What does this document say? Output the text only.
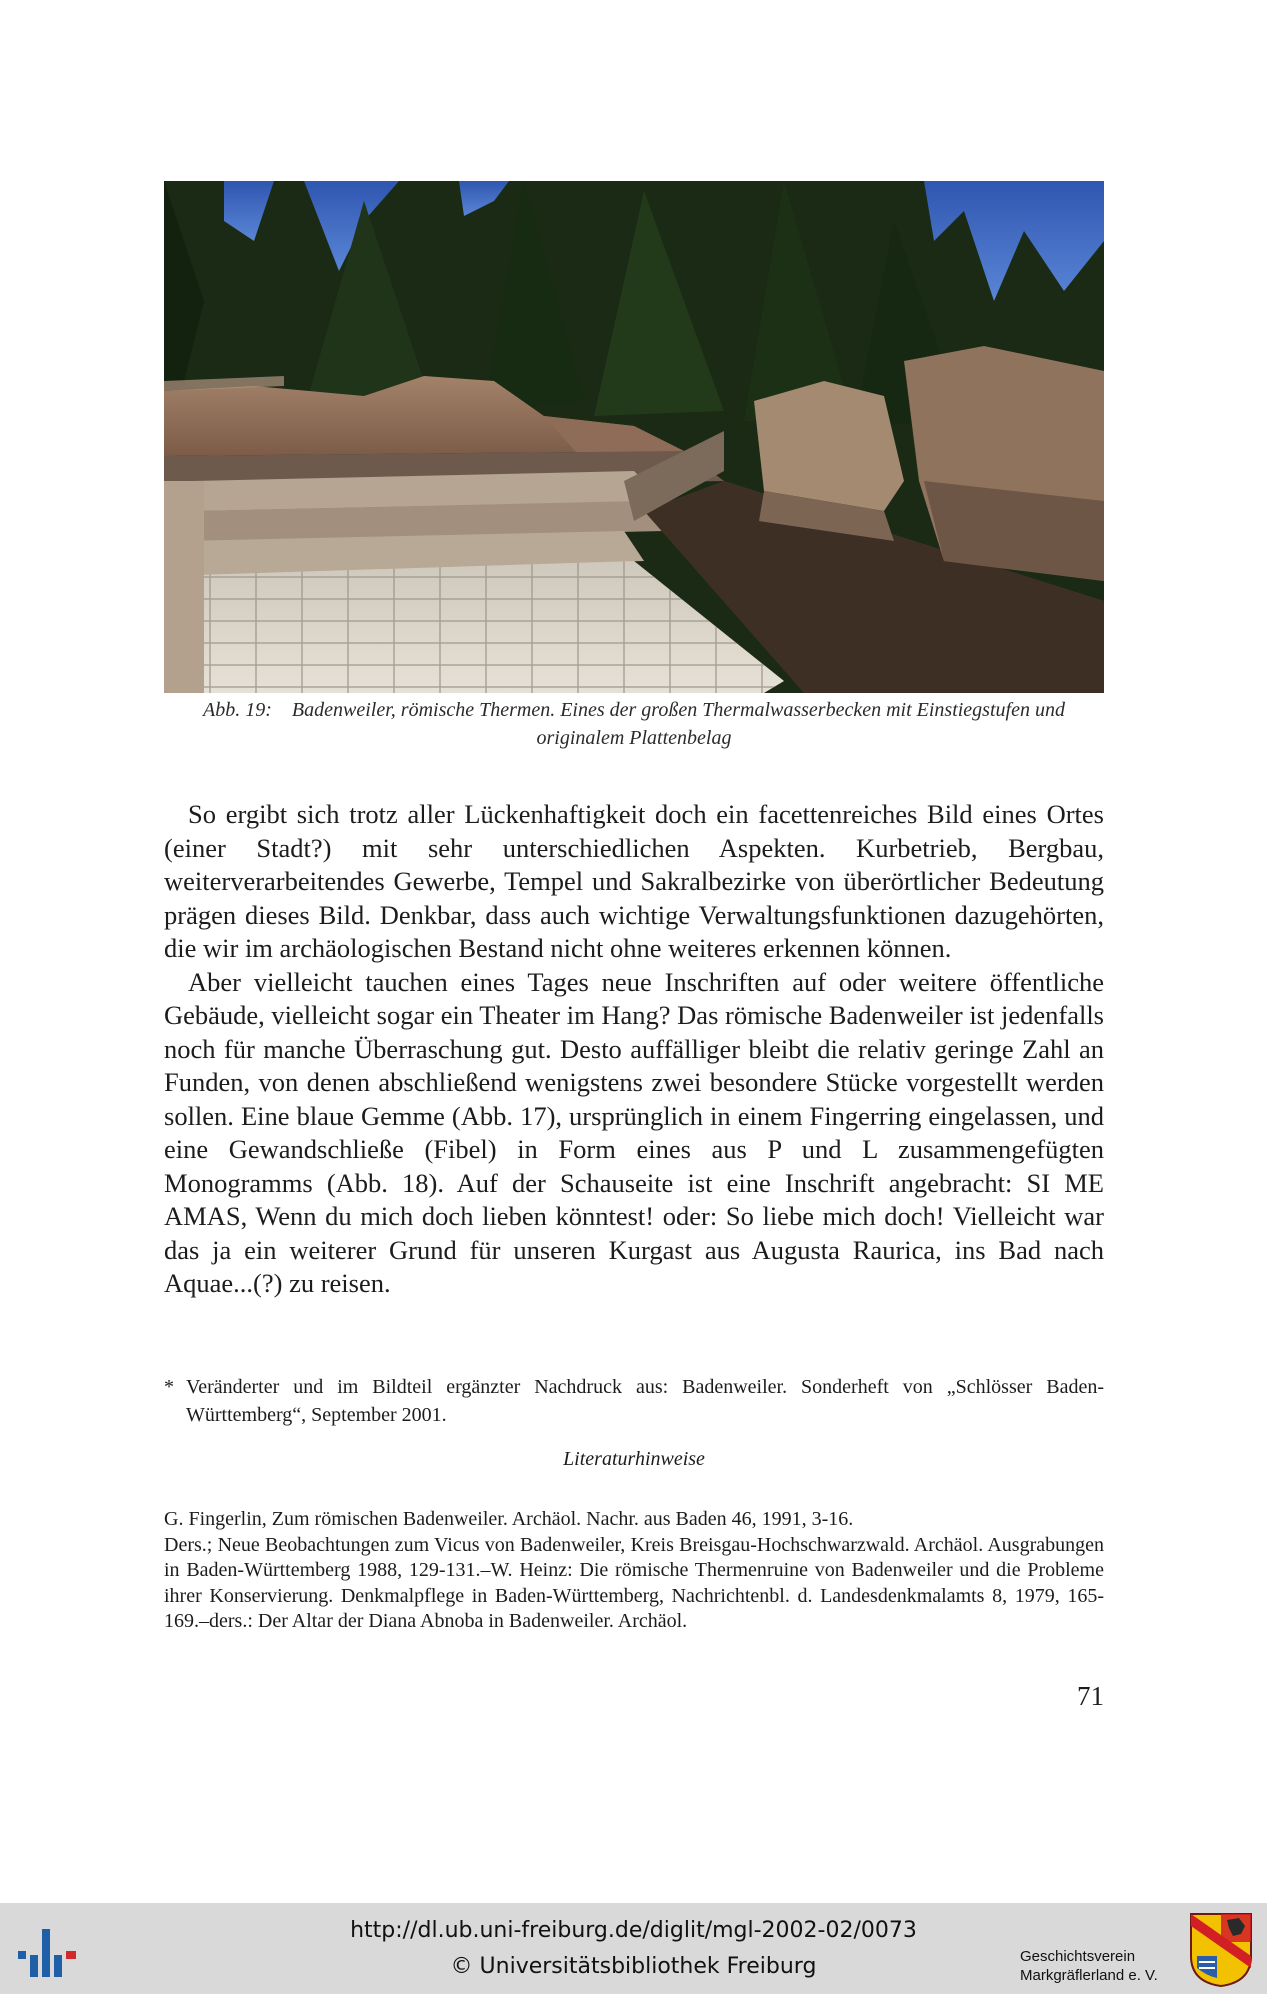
Abb. 19: Badenweiler, römische Thermen. Eines der großen Thermalwasserbecken mit Einstiegstufen und originalem Plattenbelag

So ergibt sich trotz aller Lückenhaftigkeit doch ein facettenreiches Bild eines Ortes (einer Stadt?) mit sehr unterschiedlichen Aspekten. Kurbetrieb, Bergbau, weiterverarbeitendes Gewerbe, Tempel und Sakralbezirke von überörtlicher Bedeutung prägen dieses Bild. Denkbar, dass auch wichtige Verwaltungsfunktionen dazugehörten, die wir im archäologischen Bestand nicht ohne weiteres erkennen können.

Aber vielleicht tauchen eines Tages neue Inschriften auf oder weitere öffentliche Gebäude, vielleicht sogar ein Theater im Hang? Das römische Badenweiler ist jedenfalls noch für manche Überraschung gut. Desto auffälliger bleibt die relativ geringe Zahl an Funden, von denen abschließend wenigstens zwei besondere Stücke vorgestellt werden sollen. Eine blaue Gemme (Abb. 17), ursprünglich in einem Fingerring eingelassen, und eine Gewandschließe (Fibel) in Form eines aus P und L zusammengefügten Monogramms (Abb. 18). Auf der Schauseite ist eine Inschrift angebracht: SI ME AMAS, Wenn du mich doch lieben könntest! oder: So liebe mich doch! Vielleicht war das ja ein weiterer Grund für unseren Kurgast aus Augusta Raurica, ins Bad nach Aquae...(?) zu reisen.

* Veränderter und im Bildteil ergänzter Nachdruck aus: Badenweiler. Sonderheft von „Schlösser Baden-Württemberg“, September 2001.
Literaturhinweise

G. Fingerlin, Zum römischen Badenweiler. Archäol. Nachr. aus Baden 46, 1991, 3-16.

Ders.; Neue Beobachtungen zum Vicus von Badenweiler, Kreis Breisgau-Hochschwarzwald. Archäol. Ausgrabungen in Baden-Württemberg 1988, 129-131.–W. Heinz: Die römische Thermenruine von Badenweiler und die Probleme ihrer Konservierung. Denkmalpflege in Baden-Württemberg, Nachrichtenbl. d. Landesdenkmalamts 8, 1979, 165-169.–ders.: Der Altar der Diana Abnoba in Badenweiler. Archäol.

71
http://dl.ub.uni-freiburg.de/diglit/mgl-2002-02/0073
© Universitätsbibliothek Freiburg	Geschichtsverein
Markgräflerland e. V.
